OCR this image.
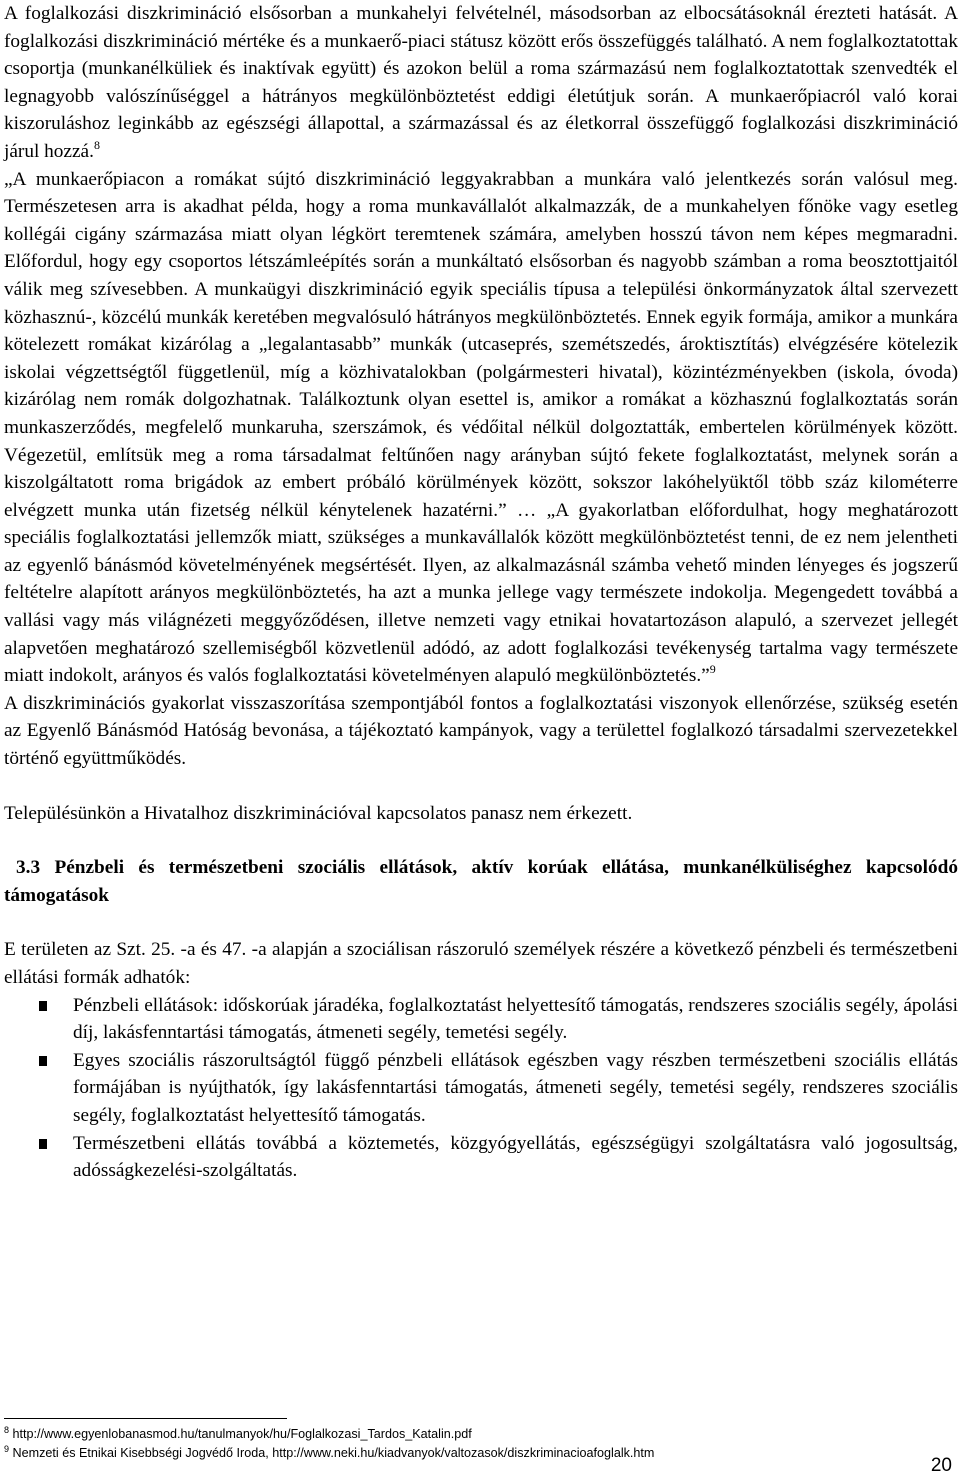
A foglalkozási diszkrimináció elsősorban a munkahelyi felvételnél, másodsorban az elbocsátásoknál érezteti hatását. A foglalkozási diszkrimináció mértéke és a munkaerő-piaci státusz között erős összefüggés található. A nem foglalkoztatottak csoportja (munkanélküliek és inaktívak együtt) és azokon belül a roma származású nem foglalkoztatottak szenvedték el legnagyobb valószínűséggel a hátrányos megkülönböztetést eddigi életútjuk során. A munkaerőpiacról való korai kiszoruláshoz leginkább az egészségi állapottal, a származással és az életkorral összefüggő foglalkozási diszkrimináció járul hozzá.$^8$

„A munkaerőpiacon a romákat sújtó diszkrimináció leggyakrabban a munkára való jelentkezés során valósul meg. Természetesen arra is akadhat példa, hogy a roma munkavállalót alkalmazzák, de a munkahelyen főnöke vagy esetleg kollégái cigány származása miatt olyan légkört teremtenek számára, amelyben hosszú távon nem képes megmaradni. Előfordul, hogy egy csoportos létszámleépítés során a munkáltató elsősorban és nagyobb számban a roma beosztottjaitól válik meg szívesebben. A munkaügyi diszkrimináció egyik speciális típusa a települési önkormányzatok által szervezett közhasznú-, közcélú munkák keretében megvalósuló hátrányos megkülönböztetés. Ennek egyik formája, amikor a munkára kötelezett romákat kizárólag a „legalantasabb” munkák (utcaseprés, szemétszedés, ároktisztítás) elvégzésére kötelezik iskolai végzettségtől függetlenül, míg a közhivatalokban (polgármesteri hivatal), közintézményekben (iskola, óvoda) kizárólag nem romák dolgozhatnak. Találkoztunk olyan esettel is, amikor a romákat a közhasznú foglalkoztatás során munkaszerződés, megfelelő munkaruha, szerszámok, és védőital nélkül dolgoztatták, embertelen körülmények között. Végezetül, említsük meg a roma társadalmat feltűnően nagy arányban sújtó fekete foglalkoztatást, melynek során a kiszolgáltatott roma brigádok az embert próbáló körülmények között, sokszor lakóhelyüktől több száz kilométerre elvégzett munka után fizetség nélkül kénytelenek hazatérni.” … „A gyakorlatban előfordulhat, hogy meghatározott speciális foglalkoztatási jellemzők miatt, szükséges a munkavállalók között megkülönböztetést tenni, de ez nem jelentheti az egyenlő bánásmód követelményének megsértését. Ilyen, az alkalmazásnál számba vehető minden lényeges és jogszerű feltételre alapított arányos megkülönböztetés, ha azt a munka jellege vagy természete indokolja. Megengedett továbbá a vallási vagy más világnézeti meggyőződésen, illetve nemzeti vagy etnikai hovatartozáson alapuló, a szervezet jellegét alapvetően meghatározó szellemiségből közvetlenül adódó, az adott foglalkozási tevékenység tartalma vagy természete miatt indokolt, arányos és valós foglalkoztatási követelményen alapuló megkülönböztetés.”$^9$

A diszkriminációs gyakorlat visszaszorítása szempontjából fontos a foglalkoztatási viszonyok ellenőrzése, szükség esetén az Egyenlő Bánásmód Hatóság bevonása, a tájékoztató kampányok, vagy a területtel foglalkozó társadalmi szervezetekkel történő együttműködés.

Településünkön a Hivatalhoz diszkriminációval kapcsolatos panasz nem érkezett.

3.3 Pénzbeli és természetbeni szociális ellátások, aktív korúak ellátása, munkanélküliséghez kapcsolódó támogatások

E területen az Szt. 25. -a és 47. -a alapján a szociálisan rászoruló személyek részére a következő pénzbeli és természetbeni ellátási formák adhatók:

Pénzbeli ellátások: időskorúak járadéka, foglalkoztatást helyettesítő támogatás, rendszeres szociális segély, ápolási díj, lakásfenntartási támogatás, átmeneti segély, temetési segély.
Egyes szociális rászorultságtól függő pénzbeli ellátások egészben vagy részben természetbeni szociális ellátás formájában is nyújthatók, így lakásfenntartási támogatás, átmeneti segély, temetési segély, rendszeres szociális segély, foglalkoztatást helyettesítő támogatás.
Természetbeni ellátás továbbá a köztemetés, közgyógyellátás, egészségügyi szolgáltatásra való jogosultság, adósságkezelési-szolgáltatás.

$^8$ http://www.egyenlobanasmod.hu/tanulmanyok/hu/Foglalkozasi_Tardos_Katalin.pdf

$^9$ Nemzeti és Etnikai Kisebbségi Jogvédő Iroda, http://www.neki.hu/kiadvanyok/valtozasok/diszkriminacioafoglalk.htm

20
